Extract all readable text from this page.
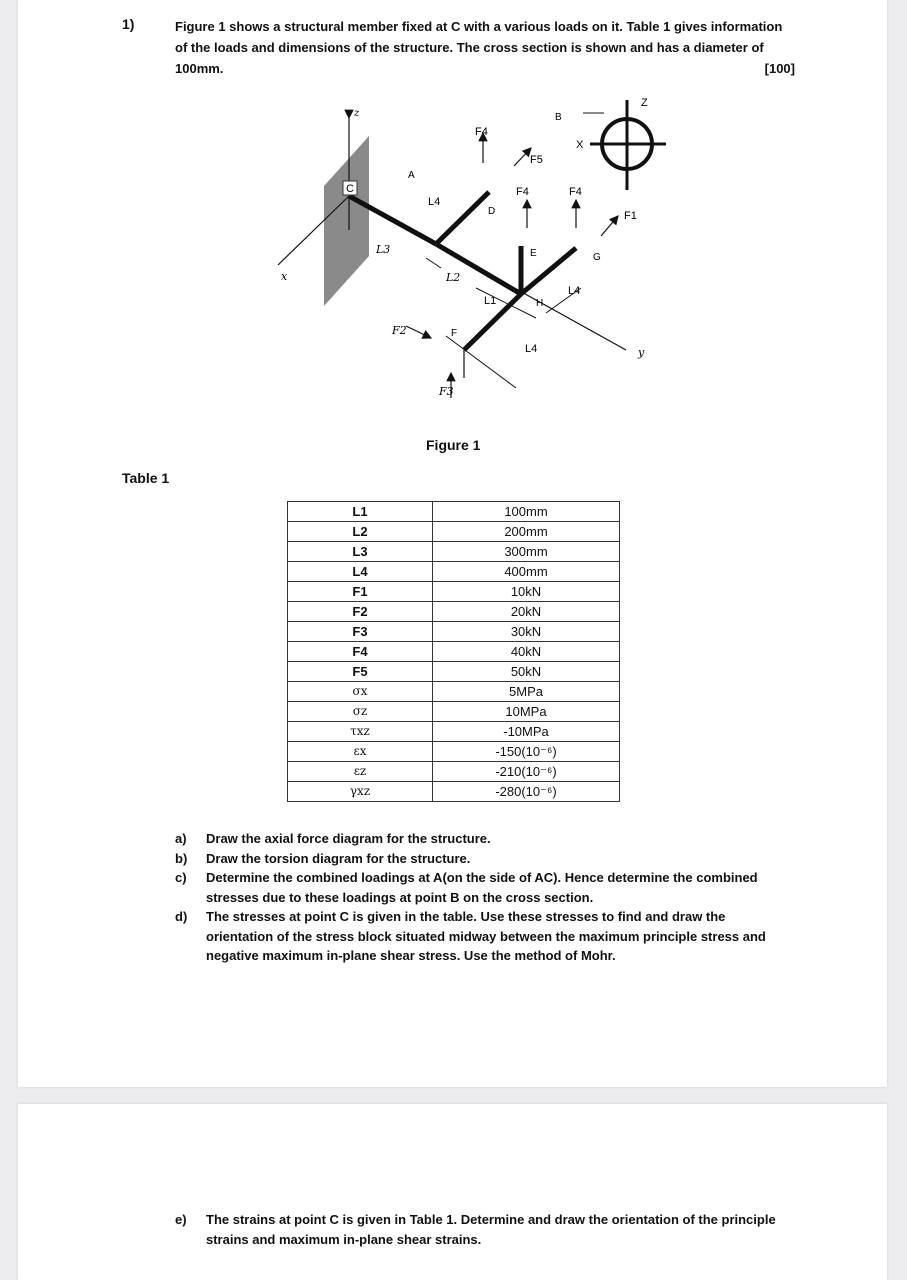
1)	Figure 1 shows a structural member fixed at C with a various loads on it. Table 1 gives information of the loads and dimensions of the structure. The cross section is shown and has a diameter of 100mm.	[100]
z
x
y
Z
X
B
C
A
D
E
F
G
H
F4
F5
F4	F4
F1
L4
L4
L4
L3
L2
L1
F2
F3
Figure 1
Table 1
L1	100mm
L2	200mm
L3	300mm
L4	400mm
F1	10kN
F2	20kN
F3	30kN
F4	40kN
F5	50kN
σx	5MPa
σz	10MPa
τxz	-10MPa
εx	-150(10⁻⁶)
εz	-210(10⁻⁶)
γxz	-280(10⁻⁶)
a) Draw the axial force diagram for the structure.
b) Draw the torsion diagram for the structure.
c) Determine the combined loadings at A(on the side of AC). Hence determine the combined stresses due to these loadings at point B on the cross section.
d) The stresses at point C is given in the table. Use these stresses to find and draw the orientation of the stress block situated midway between the maximum principle stress and negative maximum in-plane shear stress. Use the method of Mohr.
e) The strains at point C is given in Table 1. Determine and draw the orientation of the principle strains and maximum in-plane shear strains.
